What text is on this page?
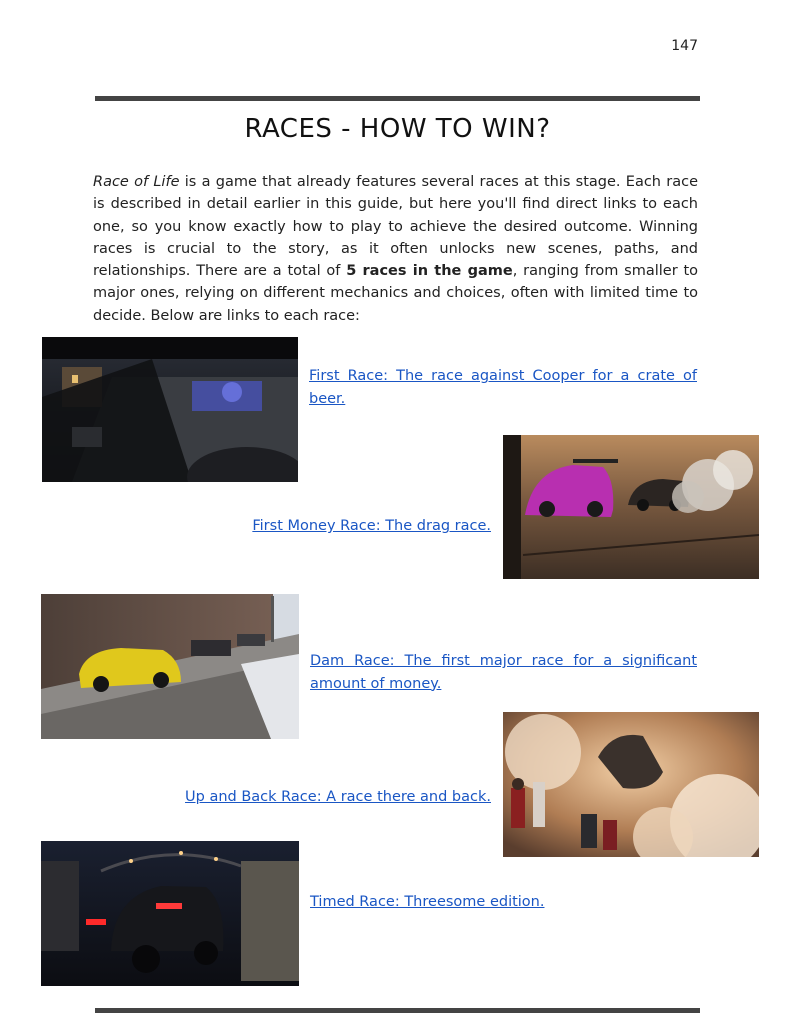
147
RACES - HOW TO WIN?

Race of Life is a game that already features several races at this stage. Each race is described in detail earlier in this guide, but here you'll find direct links to each one, so you know exactly how to play to achieve the desired outcome. Winning races is crucial to the story, as it often unlocks new scenes, paths, and relationships. There are a total of 5 races in the game, ranging from smaller to major ones, relying on different mechanics and choices, often with limited time to decide. Below are links to each race:

First Race: The race against Cooper for a crate of beer.
First Money Race: The drag race.
Dam Race: The first major race for a significant amount of money.
Up and Back Race: A race there and back.
Timed Race: Threesome edition.
